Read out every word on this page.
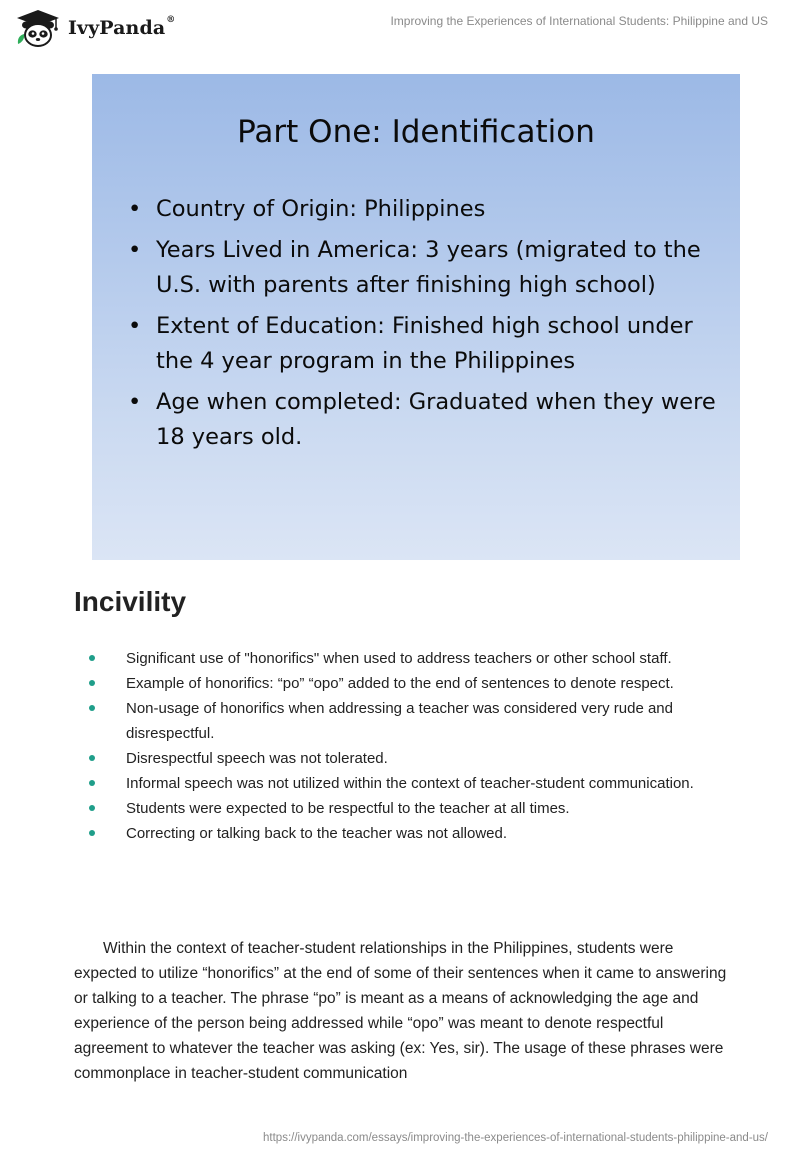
IvyPanda®	Improving the Experiences of International Students: Philippine and US
Part One: Identification
• Country of Origin: Philippines
• Years Lived in America: 3 years (migrated to the U.S. with parents after finishing high school)
• Extent of Education: Finished high school under the 4 year program in the Philippines
• Age when completed: Graduated when they were 18 years old.
Incivility
Significant use of "honorifics" when used to address teachers or other school staff.
Example of honorifics: “po” “opo” added to the end of sentences to denote respect.
Non-usage of honorifics when addressing a teacher was considered very rude and disrespectful.
Disrespectful speech was not tolerated.
Informal speech was not utilized within the context of teacher-student communication.
Students were expected to be respectful to the teacher at all times.
Correcting or talking back to the teacher was not allowed.

Within the context of teacher-student relationships in the Philippines, students were expected to utilize “honorifics” at the end of some of their sentences when it came to answering or talking to a teacher. The phrase “po” is meant as a means of acknowledging the age and experience of the person being addressed while “opo” was meant to denote respectful agreement to whatever the teacher was asking (ex: Yes, sir). The usage of these phrases were commonplace in teacher-student communication

https://ivypanda.com/essays/improving-the-experiences-of-international-students-philippine-and-us/
